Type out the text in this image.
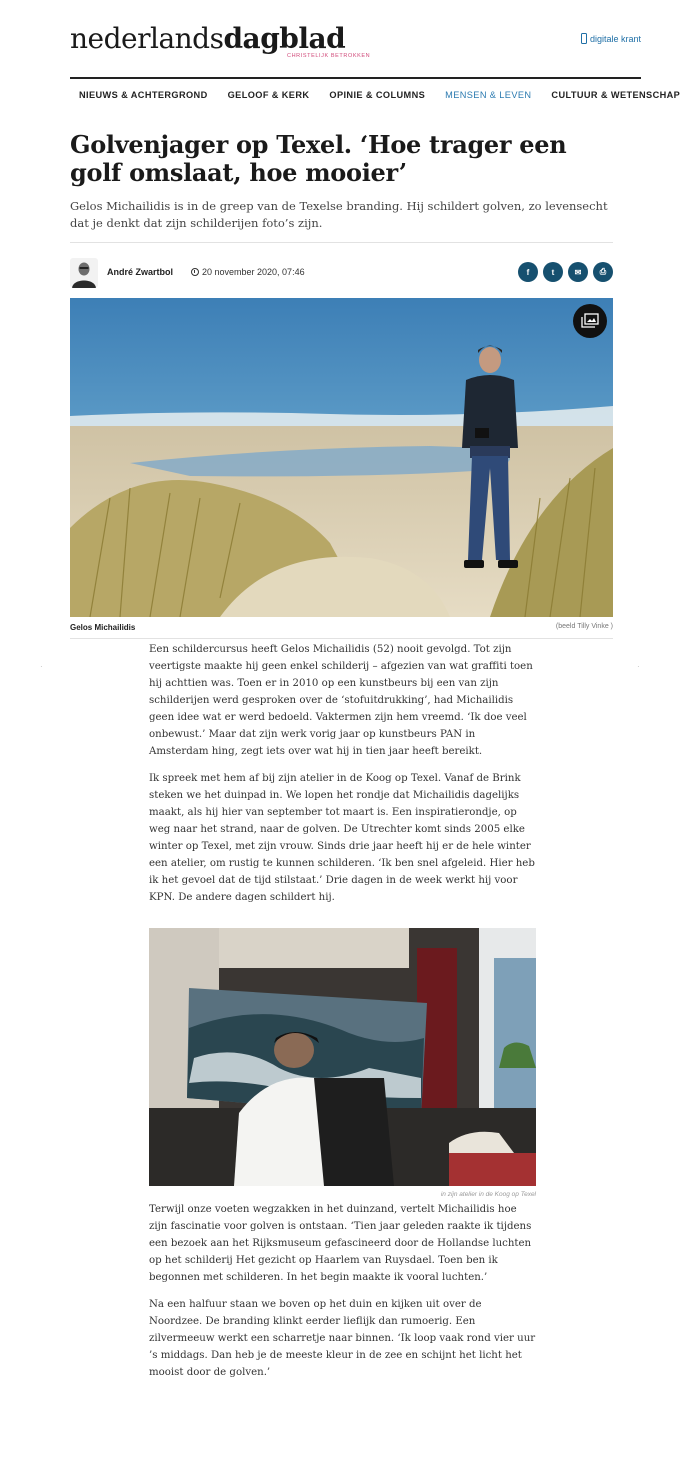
nederlandsdagblad
CHRISTELIJK BETROKKEN
digitale krant
NIEUWS & ACHTERGROND GELOOF & KERK OPINIE & COLUMNS MENSEN & LEVEN CULTUUR & WETENSCHAP
Golvenjager op Texel. ‘Hoe trager een golf omslaat, hoe mooier’

Gelos Michailidis is in de greep van de Texelse branding. Hij schildert golven, zo levensecht dat je denkt dat zijn schilderijen foto’s zijn.

André Zwartbol	20 november 2020, 07:46	f	t	✉	⎙
Gelos Michailidis	(beeld Tilly Vinke )
·	·

Een schildercursus heeft Gelos Michailidis (52) nooit gevolgd. Tot zijn veertigste maakte hij geen enkel schilderij – afgezien van wat graffiti toen hij achttien was. Toen er in 2010 op een kunstbeurs bij een van zijn schilderijen werd gesproken over de ‘stofuitdrukking’, had Michailidis geen idee wat er werd bedoeld. Vaktermen zijn hem vreemd. ‘Ik doe veel onbewust.’ Maar dat zijn werk vorig jaar op kunstbeurs PAN in Amsterdam hing, zegt iets over wat hij in tien jaar heeft bereikt.

Ik spreek met hem af bij zijn atelier in de Koog op Texel. Vanaf de Brink steken we het duinpad in. We lopen het rondje dat Michailidis dagelijks maakt, als hij hier van september tot maart is. Een inspiratierondje, op weg naar het strand, naar de golven. De Utrechter komt sinds 2005 elke winter op Texel, met zijn vrouw. Sinds drie jaar heeft hij er de hele winter een atelier, om rustig te kunnen schilderen. ‘Ik ben snel afgeleid. Hier heb ik het gevoel dat de tijd stilstaat.’ Drie dagen in de week werkt hij voor KPN. De andere dagen schildert hij.

in zijn atelier in de Koog op Texel

Terwijl onze voeten wegzakken in het duinzand, vertelt Michailidis hoe zijn fascinatie voor golven is ontstaan. ‘Tien jaar geleden raakte ik tijdens een bezoek aan het Rijksmuseum gefascineerd door de Hollandse luchten op het schilderij Het gezicht op Haarlem van Ruysdael. Toen ben ik begonnen met schilderen. In het begin maakte ik vooral luchten.’

Na een halfuur staan we boven op het duin en kijken uit over de Noordzee. De branding klinkt eerder lieflijk dan rumoerig. Een zilvermeeuw werkt een scharretje naar binnen. ‘Ik loop vaak rond vier uur ’s middags. Dan heb je de meeste kleur in de zee en schijnt het licht het mooist door de golven.’
